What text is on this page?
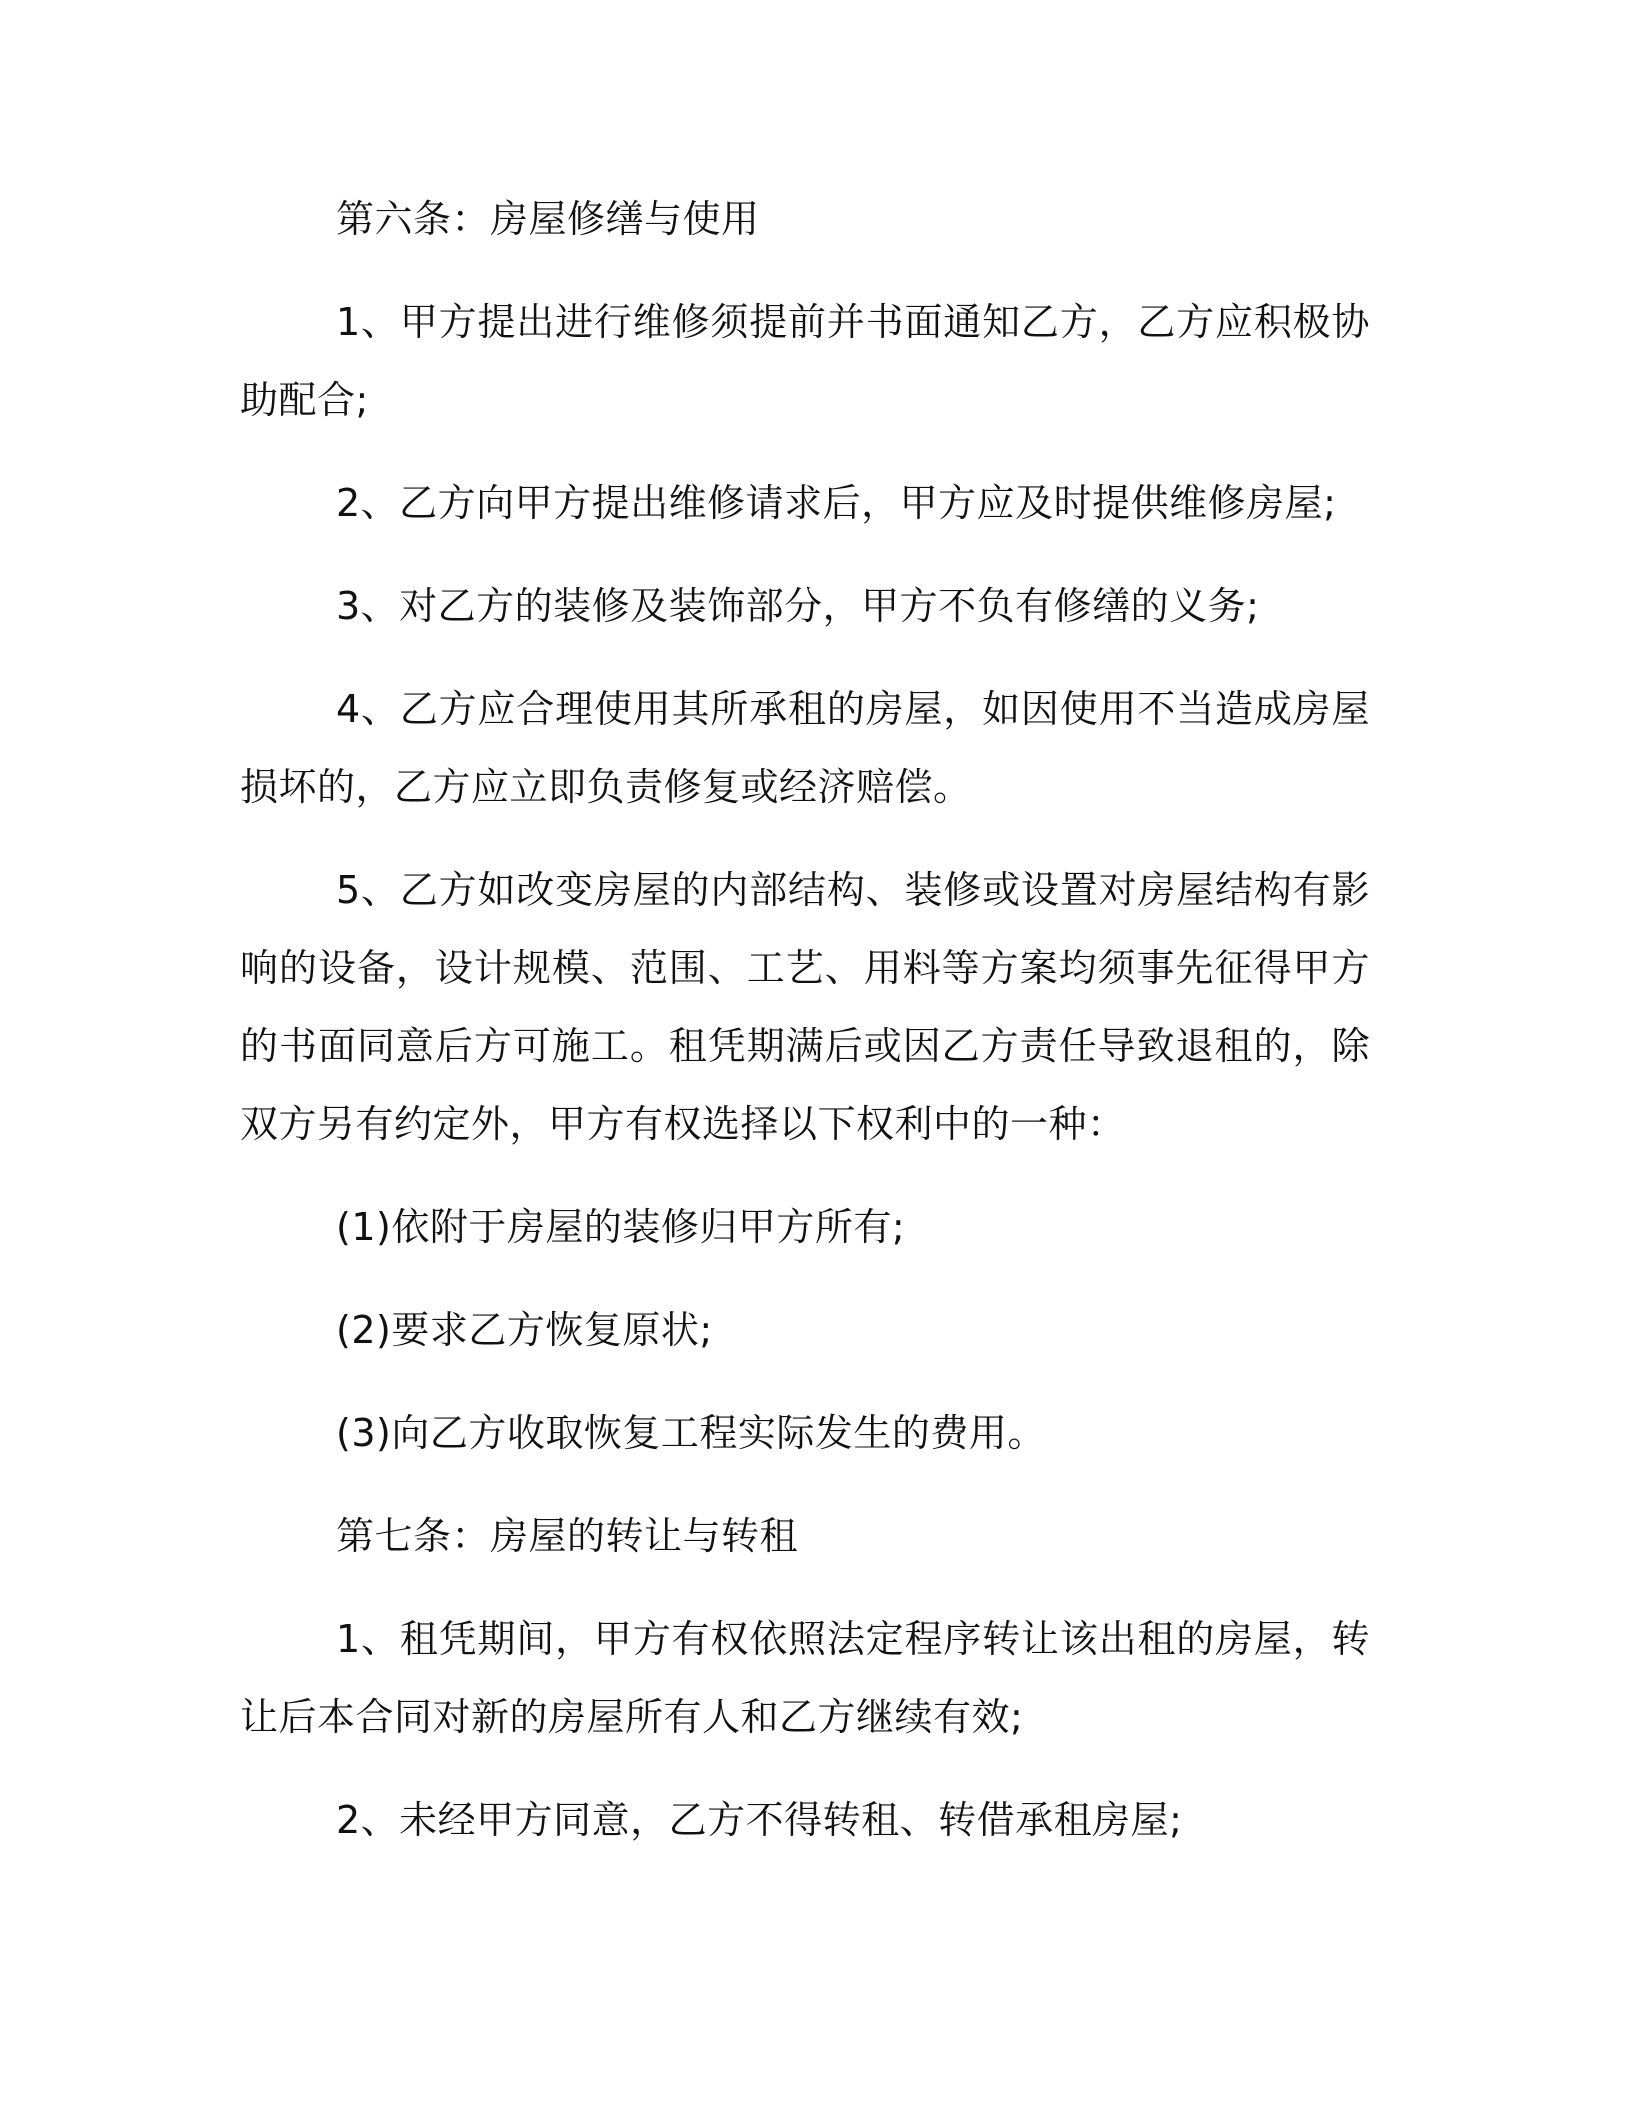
第六条：房屋修缮与使用

1、甲方提出进行维修须提前并书面通知乙方，乙方应积极协助配合;

2、乙方向甲方提出维修请求后，甲方应及时提供维修房屋;

3、对乙方的装修及装饰部分，甲方不负有修缮的义务;

4、乙方应合理使用其所承租的房屋，如因使用不当造成房屋损坏的，乙方应立即负责修复或经济赔偿。

5、乙方如改变房屋的内部结构、装修或设置对房屋结构有影响的设备，设计规模、范围、工艺、用料等方案均须事先征得甲方的书面同意后方可施工。租凭期满后或因乙方责任导致退租的，除双方另有约定外，甲方有权选择以下权利中的一种：

(1)依附于房屋的装修归甲方所有;

(2)要求乙方恢复原状;

(3)向乙方收取恢复工程实际发生的费用。

第七条：房屋的转让与转租

1、租凭期间，甲方有权依照法定程序转让该出租的房屋，转让后本合同对新的房屋所有人和乙方继续有效;

2、未经甲方同意，乙方不得转租、转借承租房屋;
